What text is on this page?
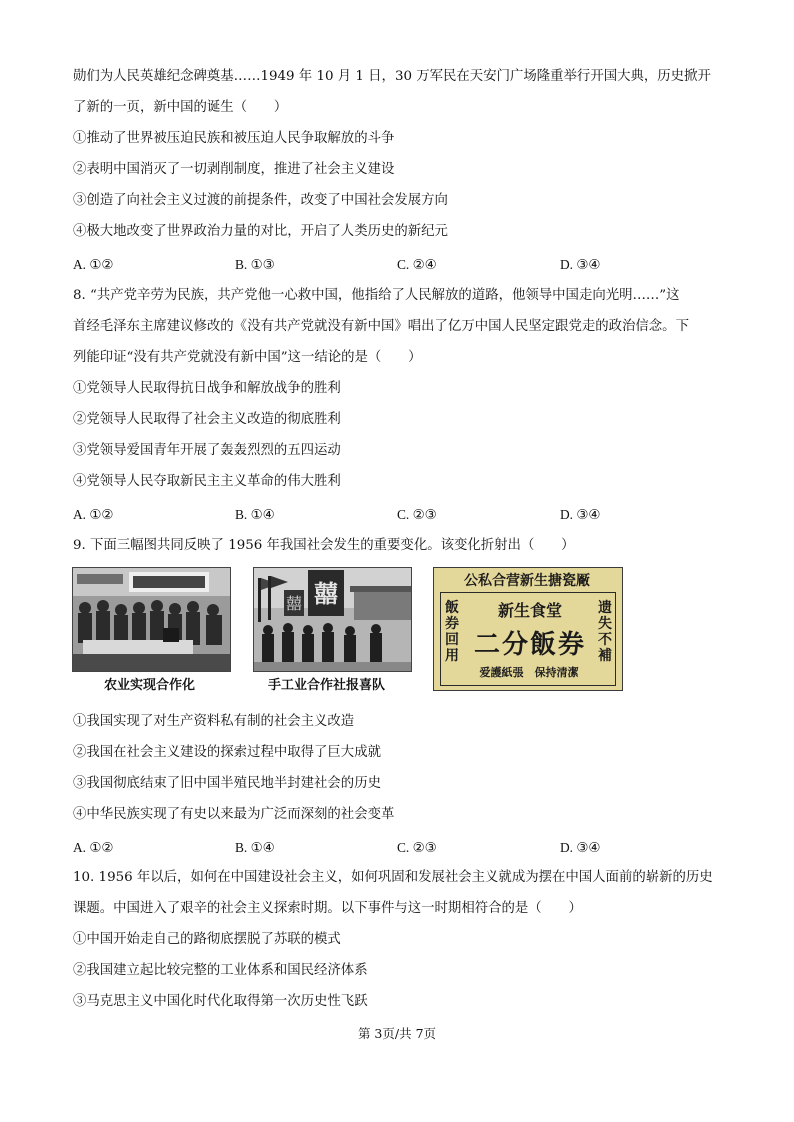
勋们为人民英雄纪念碑奠基……1949 年 10 月 1 日，30 万军民在天安门广场隆重举行开国大典，历史掀开
了新的一页，新中国的诞生（　　）
①推动了世界被压迫民族和被压迫人民争取解放的斗争
②表明中国消灭了一切剥削制度，推进了社会主义建设
③创造了向社会主义过渡的前提条件，改变了中国社会发展方向
④极大地改变了世界政治力量的对比，开启了人类历史的新纪元
A. ①②	B. ①③	C. ②④	D. ③④
8. “共产党辛劳为民族，共产党他一心救中国，他指给了人民解放的道路，他领导中国走向光明……”这
首经毛泽东主席建议修改的《没有共产党就没有新中国》唱出了亿万中国人民坚定跟党走的政治信念。下
列能印证“没有共产党就没有新中国”这一结论的是（　　）
①党领导人民取得抗日战争和解放战争的胜利
②党领导人民取得了社会主义改造的彻底胜利
③党领导爱国青年开展了轰轰烈烈的五四运动
④党领导人民夺取新民主主义革命的伟大胜利
A. ①②	B. ①④	C. ②③	D. ③④
9. 下面三幅图共同反映了 1956 年我国社会发生的重要变化。该变化折射出（　　）
农业实现合作化
囍
囍
手工业合作社报喜队
公私合营新生搪瓷厰
飯券回用
新生食堂
二分飯券
遗失不補
爱護紙張　保持清潔
①我国实现了对生产资料私有制的社会主义改造
②我国在社会主义建设的探索过程中取得了巨大成就
③我国彻底结束了旧中国半殖民地半封建社会的历史
④中华民族实现了有史以来最为广泛而深刻的社会变革
A. ①②	B. ①④	C. ②③	D. ③④
10. 1956 年以后，如何在中国建设社会主义，如何巩固和发展社会主义就成为摆在中国人面前的崭新的历史
课题。中国进入了艰辛的社会主义探索时期。以下事件与这一时期相符合的是（　　）
①中国开始走自己的路彻底摆脱了苏联的模式
②我国建立起比较完整的工业体系和国民经济体系
③马克思主义中国化时代化取得第一次历史性飞跃
第 3页/共 7页
